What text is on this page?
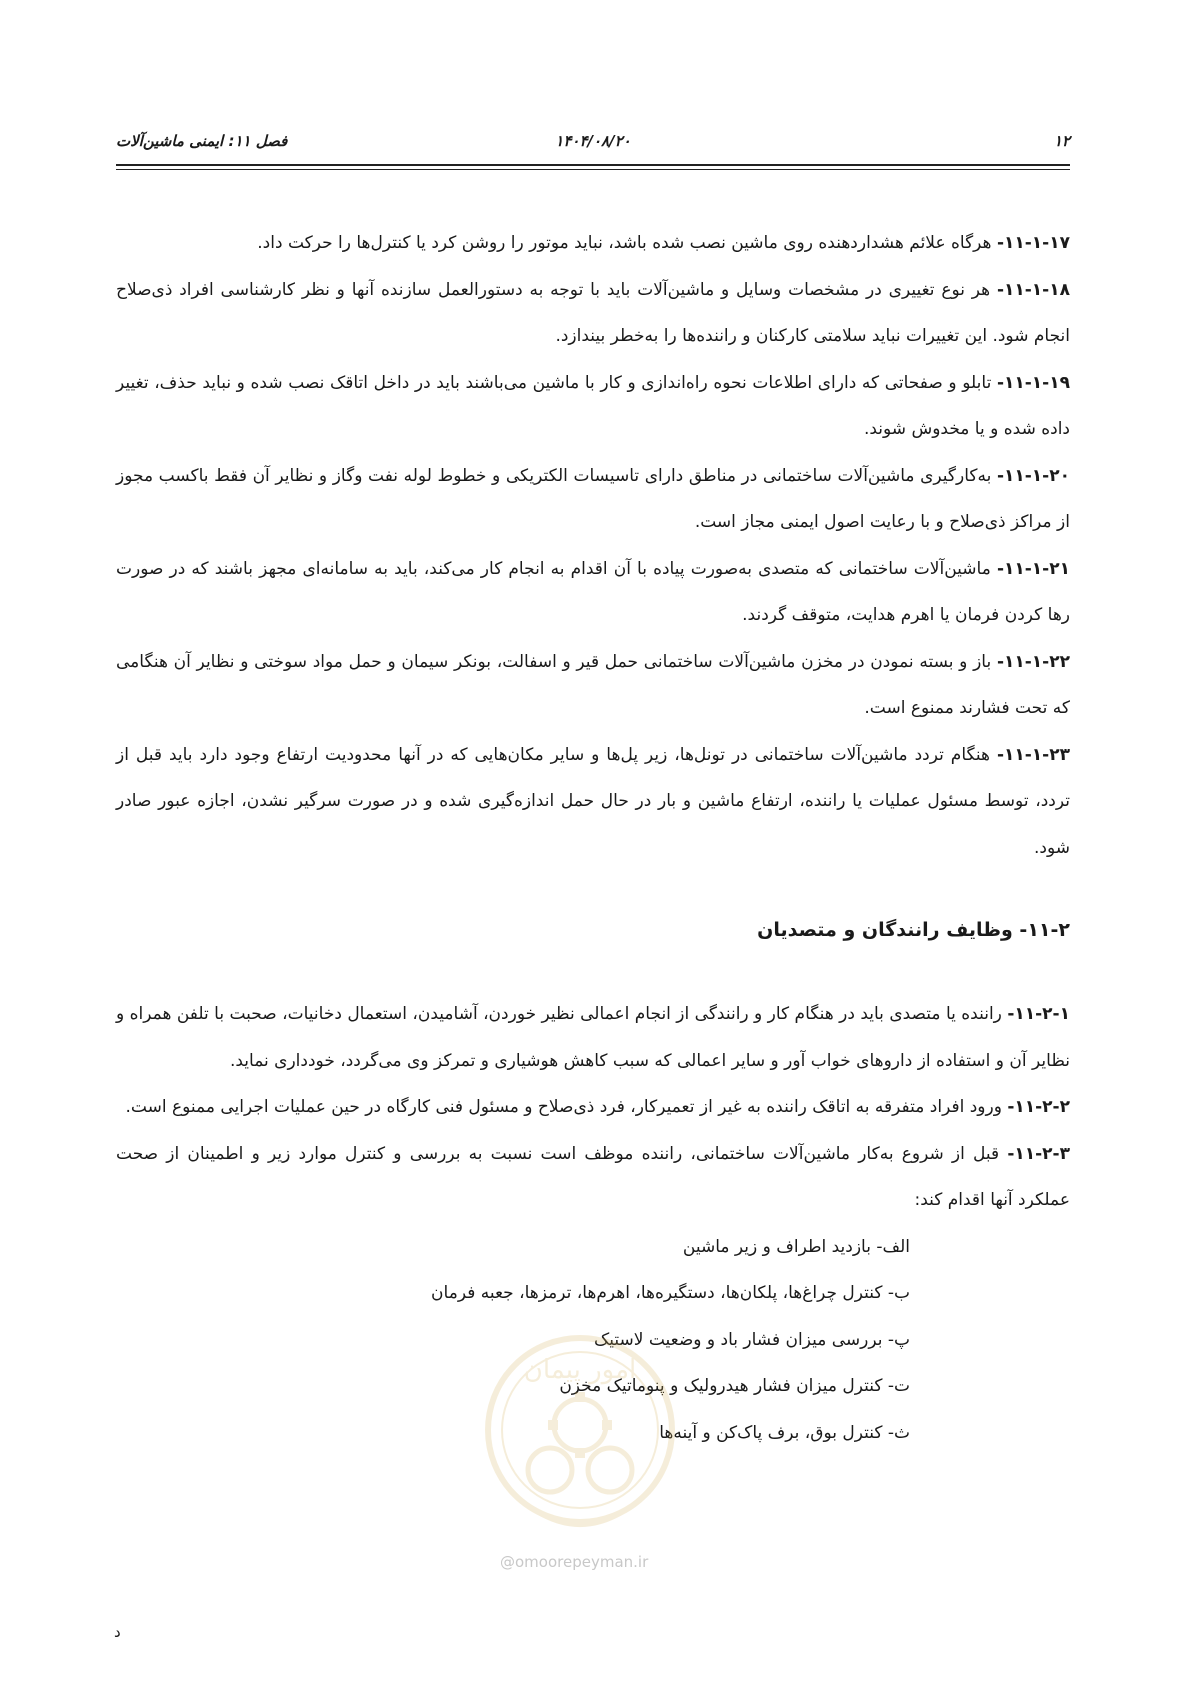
۱۲
۱۴۰۴/۰۸/۲۰
فصل ۱۱: ایمنی ماشین‌آلات

۱۱-۱-۱۷- هرگاه علائم هشداردهنده روی ماشین نصب شده باشد، نباید موتور را روشن کرد یا کنترل‌ها را حرکت داد.

۱۱-۱-۱۸- هر نوع تغییری در مشخصات وسایل و ماشین‌آلات باید با توجه به دستورالعمل سازنده آنها و نظر کارشناسی افراد ذی‌صلاح انجام شود. این تغییرات نباید سلامتی کارکنان و راننده‌ها را به‌خطر بیندازد.

۱۱-۱-۱۹- تابلو و صفحاتی که دارای اطلاعات نحوه راه‌اندازی و کار با ماشین می‌باشند باید در داخل اتاقک نصب شده و نباید حذف، تغییر داده شده و یا مخدوش شوند.

۱۱-۱-۲۰- به‌کارگیری ماشین‌آلات ساختمانی در مناطق دارای تاسیسات الکتریکی و خطوط لوله نفت وگاز و نظایر آن فقط باکسب مجوز از مراکز ذی‌صلاح و با رعایت اصول ایمنی مجاز است.

۱۱-۱-۲۱- ماشین‌آلات ساختمانی که متصدی به‌صورت پیاده با آن اقدام به انجام کار می‌کند، باید به سامانه‌ای مجهز باشند که در صورت رها کردن فرمان یا اهرم هدایت، متوقف گردند.

۱۱-۱-۲۲- باز و بسته نمودن در مخزن ماشین‌آلات ساختمانی حمل قیر و اسفالت، بونکر سیمان و حمل مواد سوختی و نظایر آن هنگامی که تحت فشارند ممنوع است.

۱۱-۱-۲۳- هنگام تردد ماشین‌آلات ساختمانی در تونل‌ها، زیر پل‌ها و سایر مکان‌هایی که در آنها محدودیت ارتفاع وجود دارد باید قبل از تردد، توسط مسئول عملیات یا راننده، ارتفاع ماشین و بار در حال حمل اندازه‌گیری شده و در صورت سرگیر نشدن، اجازه عبور صادر شود.

۱۱-۲- وظایف رانندگان و متصدیان

۱۱-۲-۱- راننده یا متصدی باید در هنگام کار و رانندگی از انجام اعمالی نظیر خوردن، آشامیدن، استعمال دخانیات، صحبت با تلفن همراه و نظایر آن و استفاده از داروهای خواب آور و سایر اعمالی که سبب کاهش هوشیاری و تمرکز وی می‌گردد، خودداری نماید.

۱۱-۲-۲- ورود افراد متفرقه به اتاقک راننده به غیر از تعمیرکار، فرد ذی‌صلاح و مسئول فنی کارگاه در حین عملیات اجرایی ممنوع است.

۱۱-۲-۳- قبل از شروع به‌کار ماشین‌آلات ساختمانی، راننده موظف است نسبت به بررسی و کنترل موارد زیر و اطمینان از صحت عملکرد آنها اقدام کند:

الف- بازدید اطراف و زیر ماشین
ب- کنترل چراغ‌ها، پلکان‌ها، دستگیره‌ها، اهرم‌ها، ترمزها، جعبه فرمان
پ- بررسی میزان فشار باد و وضعیت لاستیک
ت- کنترل میزان فشار هیدرولیک و پنوماتیک مخزن
ث- کنترل بوق، برف پاک‌کن و آینه‌ها
امور پیمان
@omoorepeyman.ir
د
